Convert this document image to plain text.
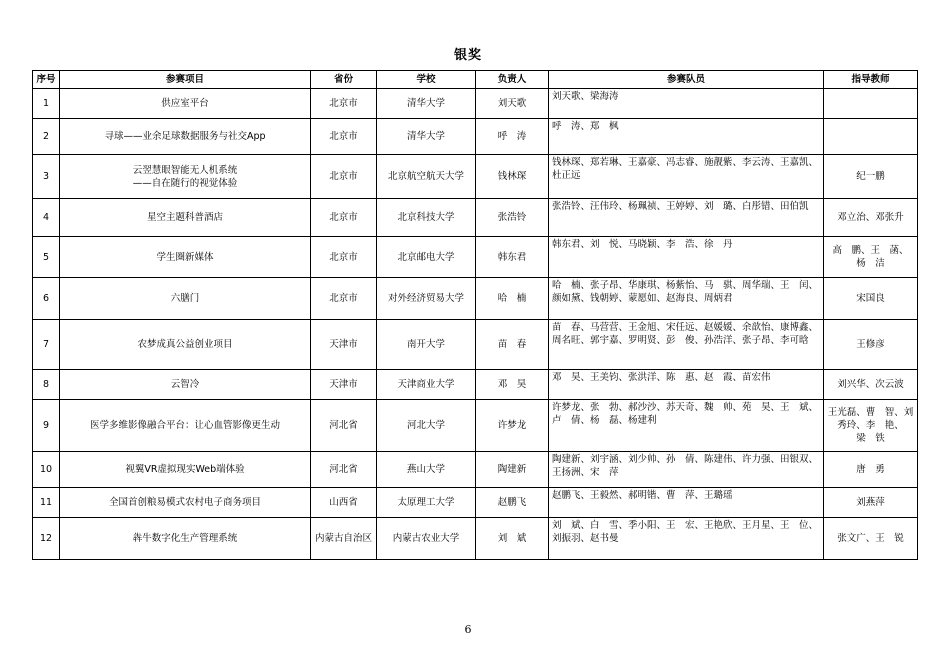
银奖
序号	参赛项目	省份	学校	负责人	参赛队员	指导教师
1	供应室平台	北京市	清华大学	刘天歌	刘天歌、梁海涛	
2	寻球——业余足球数据服务与社交App	北京市	清华大学	呼　涛	呼　涛、郑　枫	
3	云翌慧眼智能无人机系统
——自在随行的视觉体验	北京市	北京航空航天大学	钱林琛	钱林琛、郑若琳、王嘉豪、冯志睿、施靓紫、李云涛、王嘉凯、杜正远	纪一鹏
4	星空主题科普酒店	北京市	北京科技大学	张浩铃	张浩铃、汪伟玲、杨珮祯、王婷婷、刘　璐、白彤错、田伯凯	邓立治、邓张升
5	学生圈新媒体	北京市	北京邮电大学	韩东君	韩东君、刘　悦、马晓颖、李　浩、徐　丹	高　鹏、王　菡、
杨　洁
6	六膳门	北京市	对外经济贸易大学	哈　楠	哈　楠、张子昂、华康琪、杨紫怡、马　骐、周华瑞、王　闰、颜如黛、钱朝婷、蒙愿如、赵海良、周炳君	宋国良
7	农梦成真公益创业项目	天津市	南开大学	苗　春	苗　春、马营营、王金旭、宋任远、赵媛媛、余歆怡、康博鑫、周名旺、郭宇嘉、罗明贤、彭　俊、孙浩洋、张子昂、李可晗	王修彦
8	云智冷	天津市	天津商业大学	邓　昊	邓　昊、王美钧、张洪洋、陈　惠、赵　霞、苗宏伟	刘兴华、次云波
9	医学多维影像融合平台：让心血管影像更生动	河北省	河北大学	许梦龙	许梦龙、张　勃、郝沙沙、苏天奇、魏　帅、苑　昊、王　斌、卢　倩、杨　磊、杨建利	王光磊、曹　智、刘秀玲、李　艳、
梁　铁
10	视翼VR虚拟现实Web端体验	河北省	燕山大学	陶建新	陶建新、刘宇涵、刘少帅、孙　倩、陈建伟、许力强、田银双、王扬洲、宋　萍	唐　勇
11	全国首创粮易模式农村电子商务项目	山西省	太原理工大学	赵鹏飞	赵鹏飞、王毅然、郝明锴、曹　萍、王璐瑶	刘燕萍
12	犇牛数字化生产管理系统	内蒙古自治区	内蒙古农业大学	刘　斌	刘　斌、白　雪、季小阳、王　宏、王艳欣、王月星、王　位、刘振羽、赵书曼	张文广、王　锐
6
